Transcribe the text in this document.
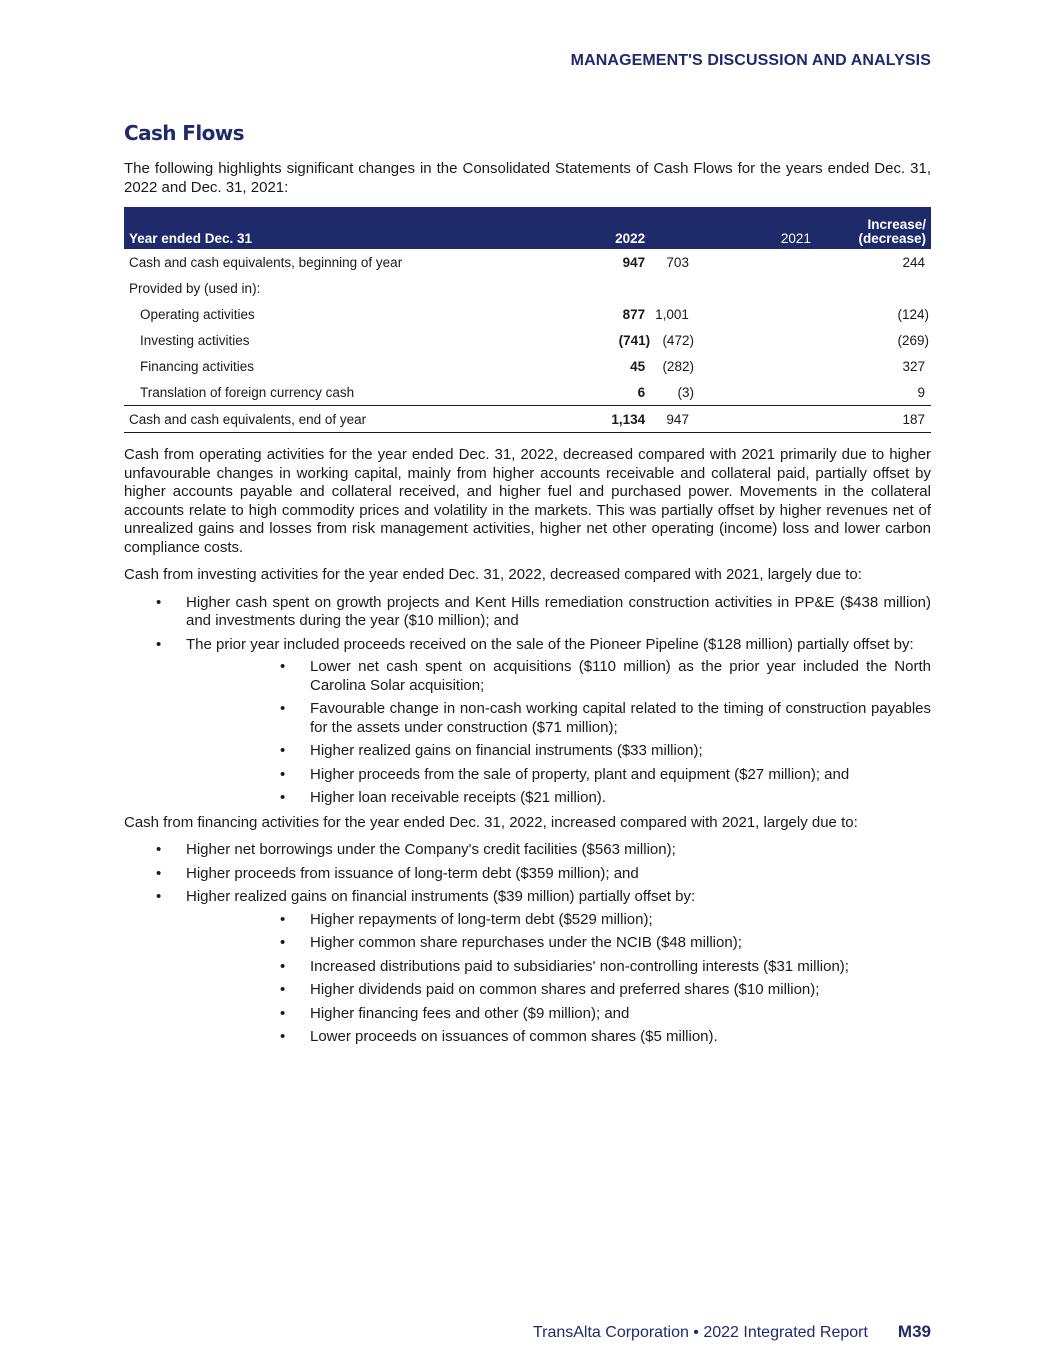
MANAGEMENT'S DISCUSSION AND ANALYSIS
Cash Flows

The following highlights significant changes in the Consolidated Statements of Cash Flows for the years ended Dec. 31, 2022 and Dec. 31, 2021:

Year ended Dec. 31	2022	2021	Increase/
(decrease)
Cash and cash equivalents, beginning of year	947	703	244
Provided by (used in):			
Operating activities	877	1,001	(124)
Investing activities	(741)	(472)	(269)
Financing activities	45	(282)	327
Translation of foreign currency cash	6	(3)	9
Cash and cash equivalents, end of year	1,134	947	187

Cash from operating activities for the year ended Dec. 31, 2022, decreased compared with 2021 primarily due to higher unfavourable changes in working capital, mainly from higher accounts receivable and collateral paid, partially offset by higher accounts payable and collateral received, and higher fuel and purchased power. Movements in the collateral accounts relate to high commodity prices and volatility in the markets. This was partially offset by higher revenues net of unrealized gains and losses from risk management activities, higher net other operating (income) loss and lower carbon compliance costs.

Cash from investing activities for the year ended Dec. 31, 2022, decreased compared with 2021, largely due to:

• Higher cash spent on growth projects and Kent Hills remediation construction activities in PP&E ($438 million) and investments during the year ($10 million); and
• The prior year included proceeds received on the sale of the Pioneer Pipeline ($128 million) partially offset by:
• Lower net cash spent on acquisitions ($110 million) as the prior year included the North Carolina Solar acquisition;
• Favourable change in non-cash working capital related to the timing of construction payables for the assets under construction ($71 million);
• Higher realized gains on financial instruments ($33 million);
• Higher proceeds from the sale of property, plant and equipment ($27 million); and
• Higher loan receivable receipts ($21 million).

Cash from financing activities for the year ended Dec. 31, 2022, increased compared with 2021, largely due to:

• Higher net borrowings under the Company's credit facilities ($563 million);
• Higher proceeds from issuance of long-term debt ($359 million); and
• Higher realized gains on financial instruments ($39 million) partially offset by:
• Higher repayments of long-term debt ($529 million);
• Higher common share repurchases under the NCIB ($48 million);
• Increased distributions paid to subsidiaries' non-controlling interests ($31 million);
• Higher dividends paid on common shares and preferred shares ($10 million);
• Higher financing fees and other ($9 million); and
• Lower proceeds on issuances of common shares ($5 million).
TransAlta Corporation • 2022 Integrated Report M39
